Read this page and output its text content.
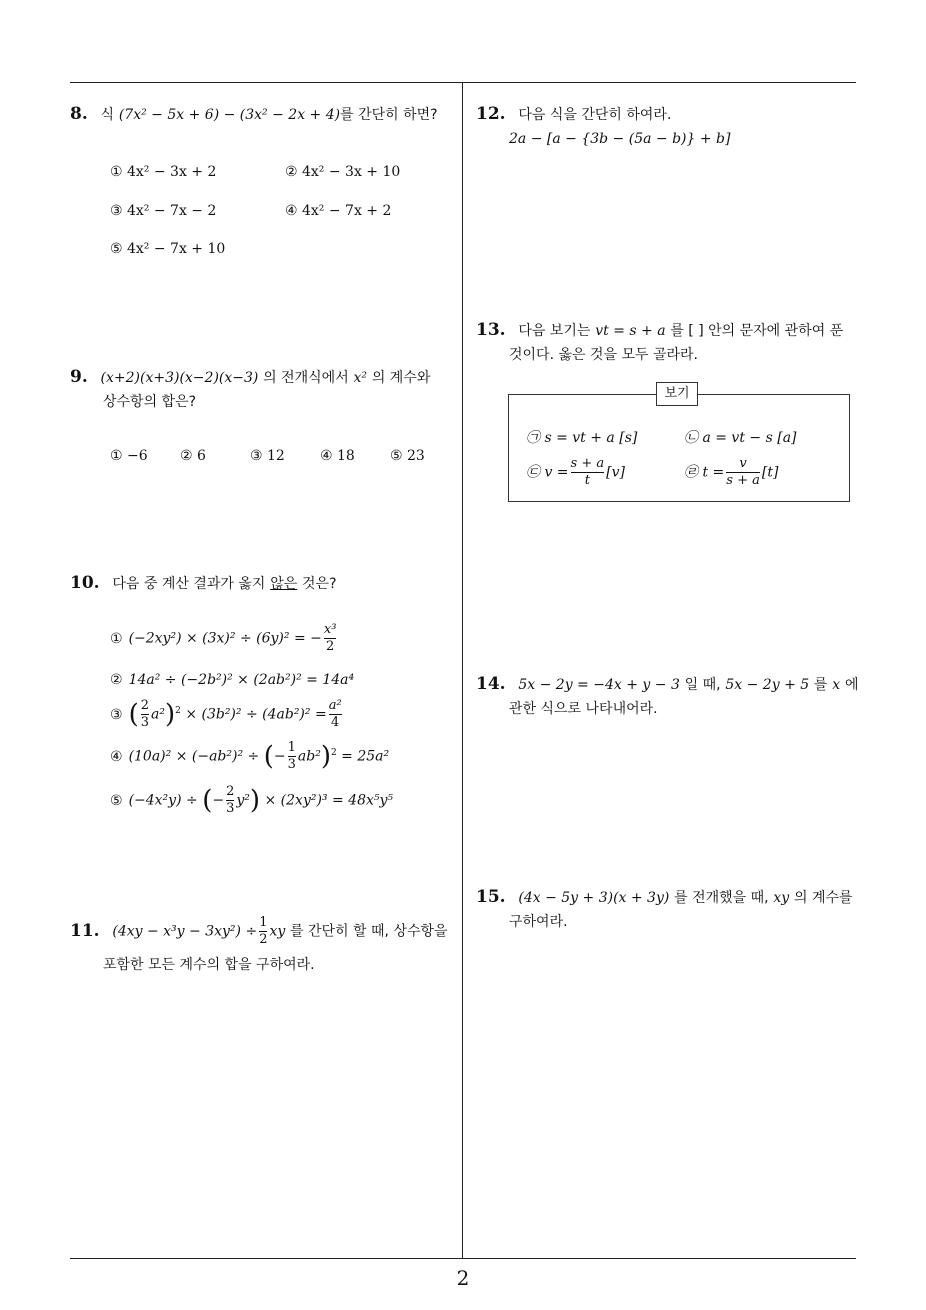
2
8. 식 (7x² − 5x + 6) − (3x² − 2x + 4)를 간단히 하면?
① 4x² − 3x + 2	② 4x² − 3x + 10
③ 4x² − 7x − 2	④ 4x² − 7x + 2
⑤ 4x² − 7x + 10
9. (x+2)(x+3)(x−2)(x−3) 의 전개식에서 x² 의 계수와
상수항의 합은?
① −6 ② 6	③ 12	④ 18	⑤ 23
10. 다음 중 계산 결과가 옳지 않은 것은?
① (−2xy²) × (3x)² ÷ (6y)² = − $\frac{\text{x³}}{2}$
② 14a² ÷ (−2b²)² × (2ab²)² = 14a⁴
③ ( $\frac{2}{3} a^2)^2 \times (3b^2)^2 \div (4ab^2)^2 = \frac{\text{a²}}{4}$
④ (10a)² × (−ab²)² ÷ (− $\frac{1}{3} ab^2)^2 = 25a^2$
⑤ (−4x²y) ÷ (− $\frac{2}{3} y^2) \times (2xy^2)^3 = 48x^5y^5$
11. $(4xy - x^3y - 3xy^2) \div \frac{1}{2}$ xy 를 간단히 할 때, 상수항을
포함한 모든 계수의 합을 구하여라.
12. 다음 식을 간단히 하여라.
2a − [a − {3b − (5a − b)} + b]
13. 다음 보기는 vt = s + a 를 [ ] 안의 문자에 관하여 푼
것이다. 옳은 것을 모두 골라라.
보기
㉠ s = vt + a [s]	㉡ a = vt − s [a]
㉢ $v = \frac{s + a}{t} [v]$	㉣ $t = \frac{v}{s + a} [t]$
14. 5x − 2y = −4x + y − 3 일 때, 5x − 2y + 5 를 x 에
관한 식으로 나타내어라.
15. (4x − 5y + 3)(x + 3y) 를 전개했을 때, xy 의 계수를
구하여라.
